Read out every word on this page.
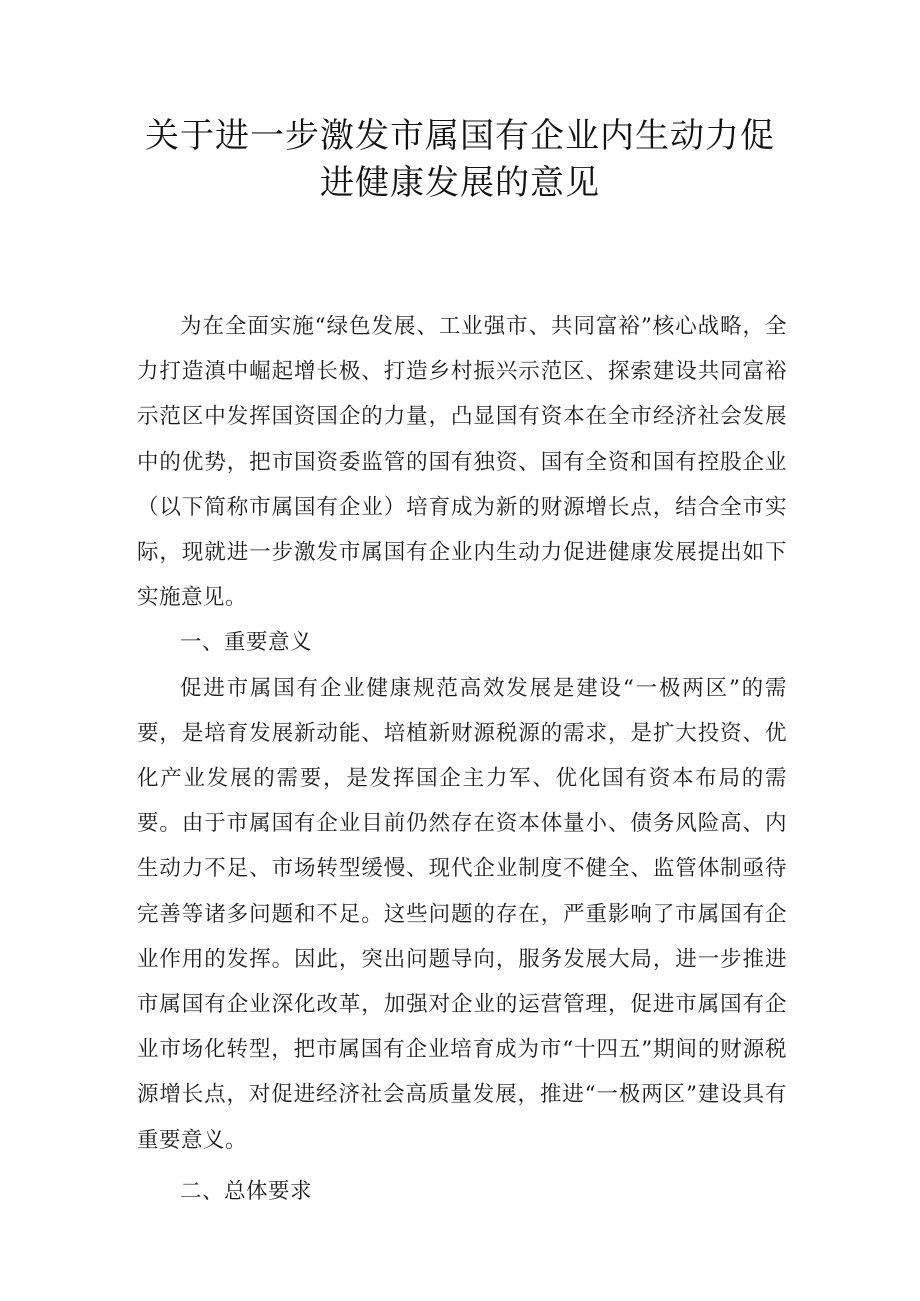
关于进一步激发市属国有企业内生动力促
进健康发展的意见

为在全面实施“绿色发展、工业强市、共同富裕”核心战略，全力打造滇中崛起增长极、打造乡村振兴示范区、探索建设共同富裕示范区中发挥国资国企的力量，凸显国有资本在全市经济社会发展中的优势，把市国资委监管的国有独资、国有全资和国有控股企业（以下简称市属国有企业）培育成为新的财源增长点，结合全市实际，现就进一步激发市属国有企业内生动力促进健康发展提出如下实施意见。

一、重要意义

促进市属国有企业健康规范高效发展是建设“一极两区”的需要，是培育发展新动能、培植新财源税源的需求，是扩大投资、优化产业发展的需要，是发挥国企主力军、优化国有资本布局的需要。由于市属国有企业目前仍然存在资本体量小、债务风险高、内生动力不足、市场转型缓慢、现代企业制度不健全、监管体制亟待完善等诸多问题和不足。这些问题的存在，严重影响了市属国有企业作用的发挥。因此，突出问题导向，服务发展大局，进一步推进市属国有企业深化改革，加强对企业的运营管理，促进市属国有企业市场化转型，把市属国有企业培育成为市“十四五”期间的财源税源增长点，对促进经济社会高质量发展，推进“一极两区”建设具有重要意义。

二、总体要求
